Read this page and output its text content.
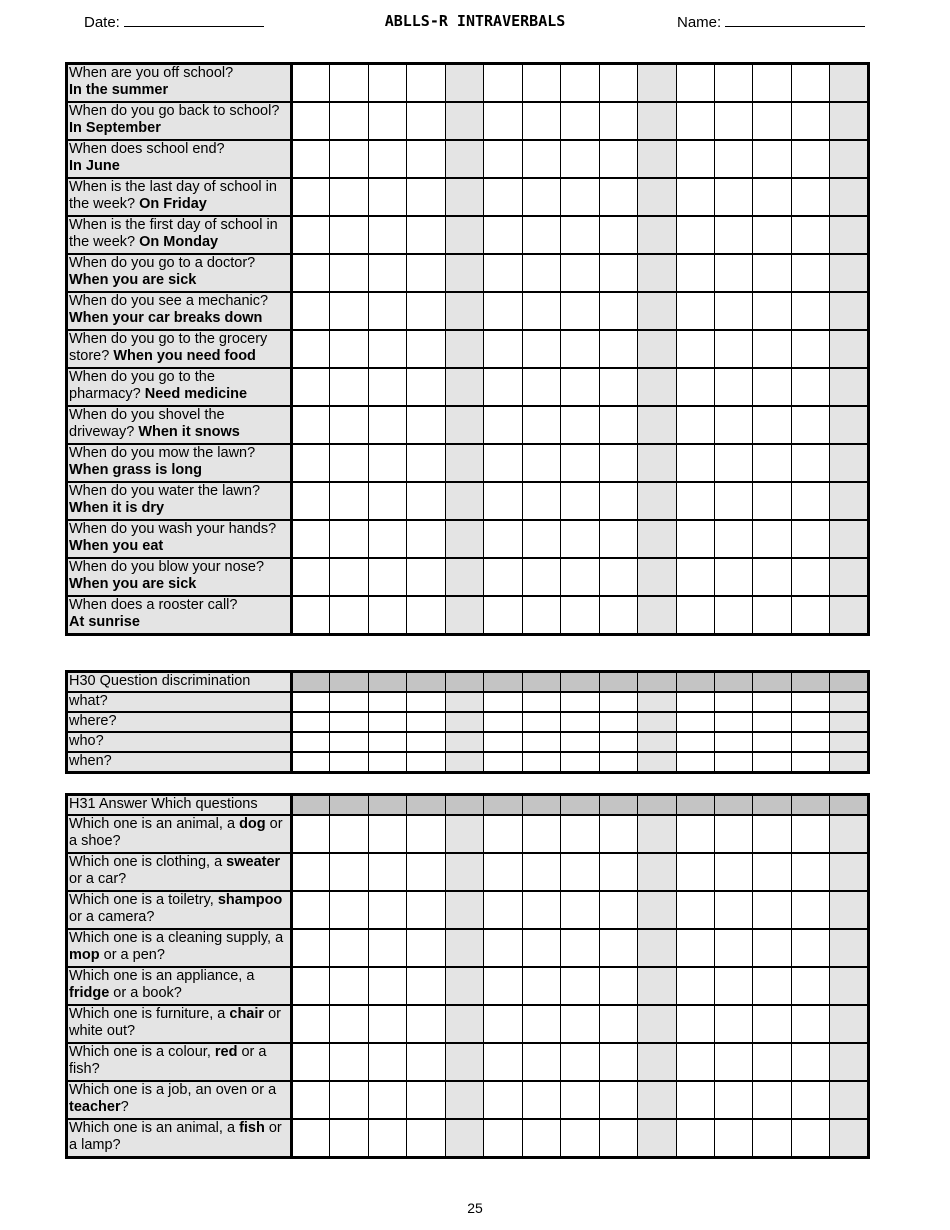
Date:	ABLLS-R INTRAVERBALS	Name:
When are you off school?
In the summer															
When do you go back to school? In September															
When does school end?
In June															
When is the last day of school in the week? On Friday															
When is the first day of school in the week? On Monday															
When do you go to a doctor?
When you are sick															
When do you see a mechanic?
When your car breaks down															
When do you go to the grocery store? When you need food															
When do you go to the pharmacy? Need medicine															
When do you shovel the driveway? When it snows															
When do you mow the lawn?
When grass is long															
When do you water the lawn?
When it is dry															
When do you wash your hands? When you eat															
When do you blow your nose?
When you are sick															
When does a rooster call?
At sunrise															
H30 Question discrimination															
what?															
where?															
who?															
when?															
H31 Answer Which questions															
Which one is an animal, a dog or a shoe?															
Which one is clothing, a sweater or a car?															
Which one is a toiletry, shampoo or a camera?															
Which one is a cleaning supply, a mop or a pen?															
Which one is an appliance, a fridge or a book?															
Which one is furniture, a chair or white out?															
Which one is a colour, red or a fish?															
Which one is a job, an oven or a teacher?															
Which one is an animal, a fish or a lamp?															
25
